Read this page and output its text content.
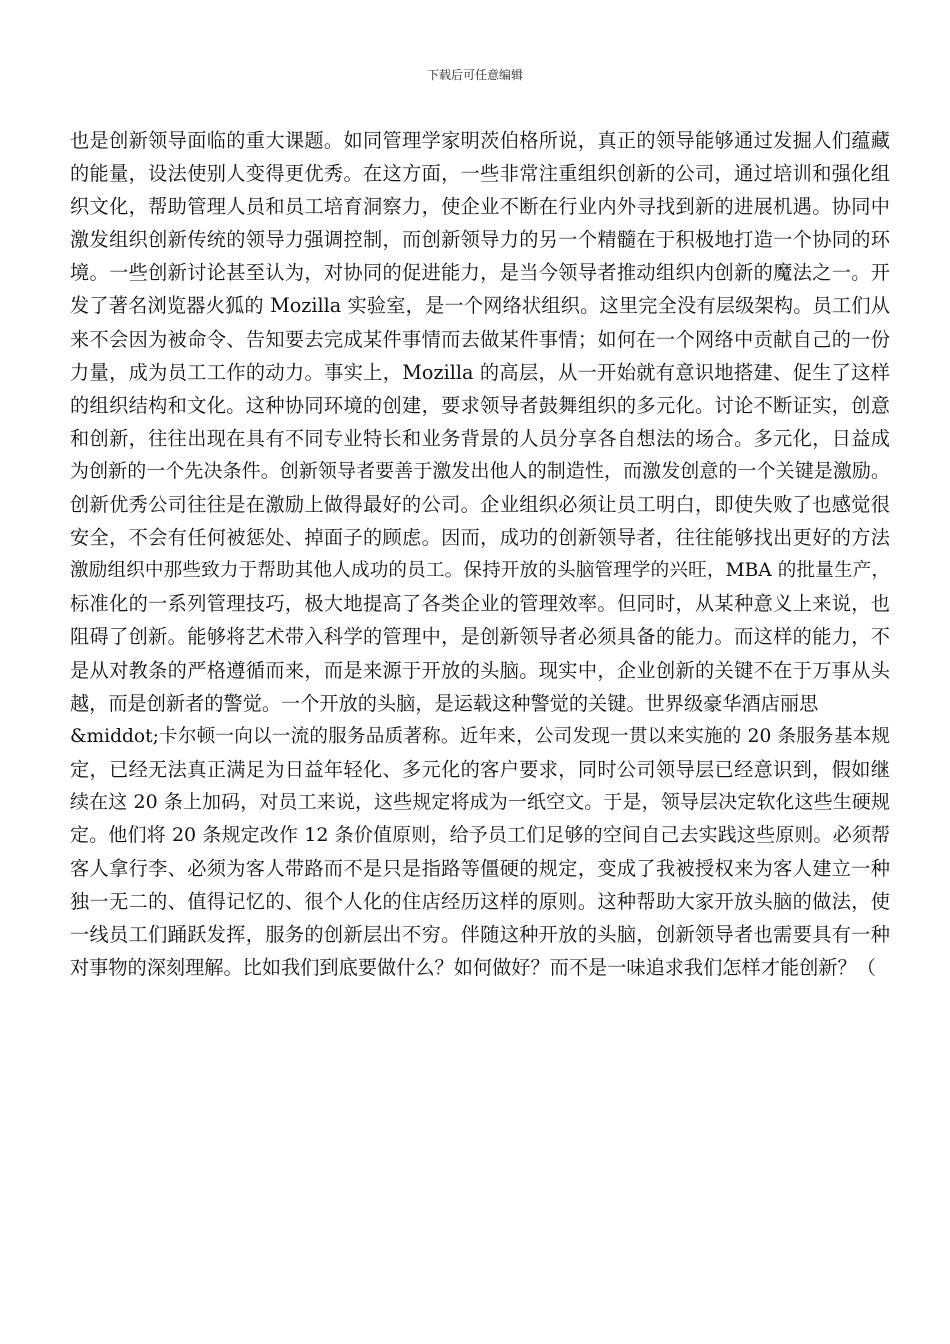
下载后可任意编辑
也是创新领导面临的重大课题。如同管理学家明茨伯格所说，真正的领导能够通过发掘人们蕴藏
的能量，设法使别人变得更优秀。在这方面，一些非常注重组织创新的公司，通过培训和强化组
织文化，帮助管理人员和员工培育洞察力，使企业不断在行业内外寻找到新的进展机遇。协同中
激发组织创新传统的领导力强调控制，而创新领导力的另一个精髓在于积极地打造一个协同的环
境。一些创新讨论甚至认为，对协同的促进能力，是当今领导者推动组织内创新的魔法之一。开
发了著名浏览器火狐的 Mozilla 实验室，是一个网络状组织。这里完全没有层级架构。员工们从
来不会因为被命令、告知要去完成某件事情而去做某件事情；如何在一个网络中贡献自己的一份
力量，成为员工工作的动力。事实上，Mozilla 的高层，从一开始就有意识地搭建、促生了这样
的组织结构和文化。这种协同环境的创建，要求领导者鼓舞组织的多元化。讨论不断证实，创意
和创新，往往出现在具有不同专业特长和业务背景的人员分享各自想法的场合。多元化，日益成
为创新的一个先决条件。创新领导者要善于激发出他人的制造性，而激发创意的一个关键是激励。
创新优秀公司往往是在激励上做得最好的公司。企业组织必须让员工明白，即使失败了也感觉很
安全，不会有任何被惩处、掉面子的顾虑。因而，成功的创新领导者，往往能够找出更好的方法
激励组织中那些致力于帮助其他人成功的员工。保持开放的头脑管理学的兴旺，MBA 的批量生产，
标准化的一系列管理技巧，极大地提高了各类企业的管理效率。但同时，从某种意义上来说，也
阻碍了创新。能够将艺术带入科学的管理中，是创新领导者必须具备的能力。而这样的能力，不
是从对教条的严格遵循而来，而是来源于开放的头脑。现实中，企业创新的关键不在于万事从头
越，而是创新者的警觉。一个开放的头脑，是运载这种警觉的关键。世界级豪华酒店丽思
&middot;卡尔顿一向以一流的服务品质著称。近年来，公司发现一贯以来实施的 20 条服务基本规
定，已经无法真正满足为日益年轻化、多元化的客户要求，同时公司领导层已经意识到，假如继
续在这 20 条上加码，对员工来说，这些规定将成为一纸空文。于是，领导层决定软化这些生硬规
定。他们将 20 条规定改作 12 条价值原则，给予员工们足够的空间自己去实践这些原则。必须帮
客人拿行李、必须为客人带路而不是只是指路等僵硬的规定，变成了我被授权来为客人建立一种
独一无二的、值得记忆的、很个人化的住店经历这样的原则。这种帮助大家开放头脑的做法，使
一线员工们踊跃发挥，服务的创新层出不穷。伴随这种开放的头脑，创新领导者也需要具有一种
对事物的深刻理解。比如我们到底要做什么？如何做好？而不是一味追求我们怎样才能创新？（
